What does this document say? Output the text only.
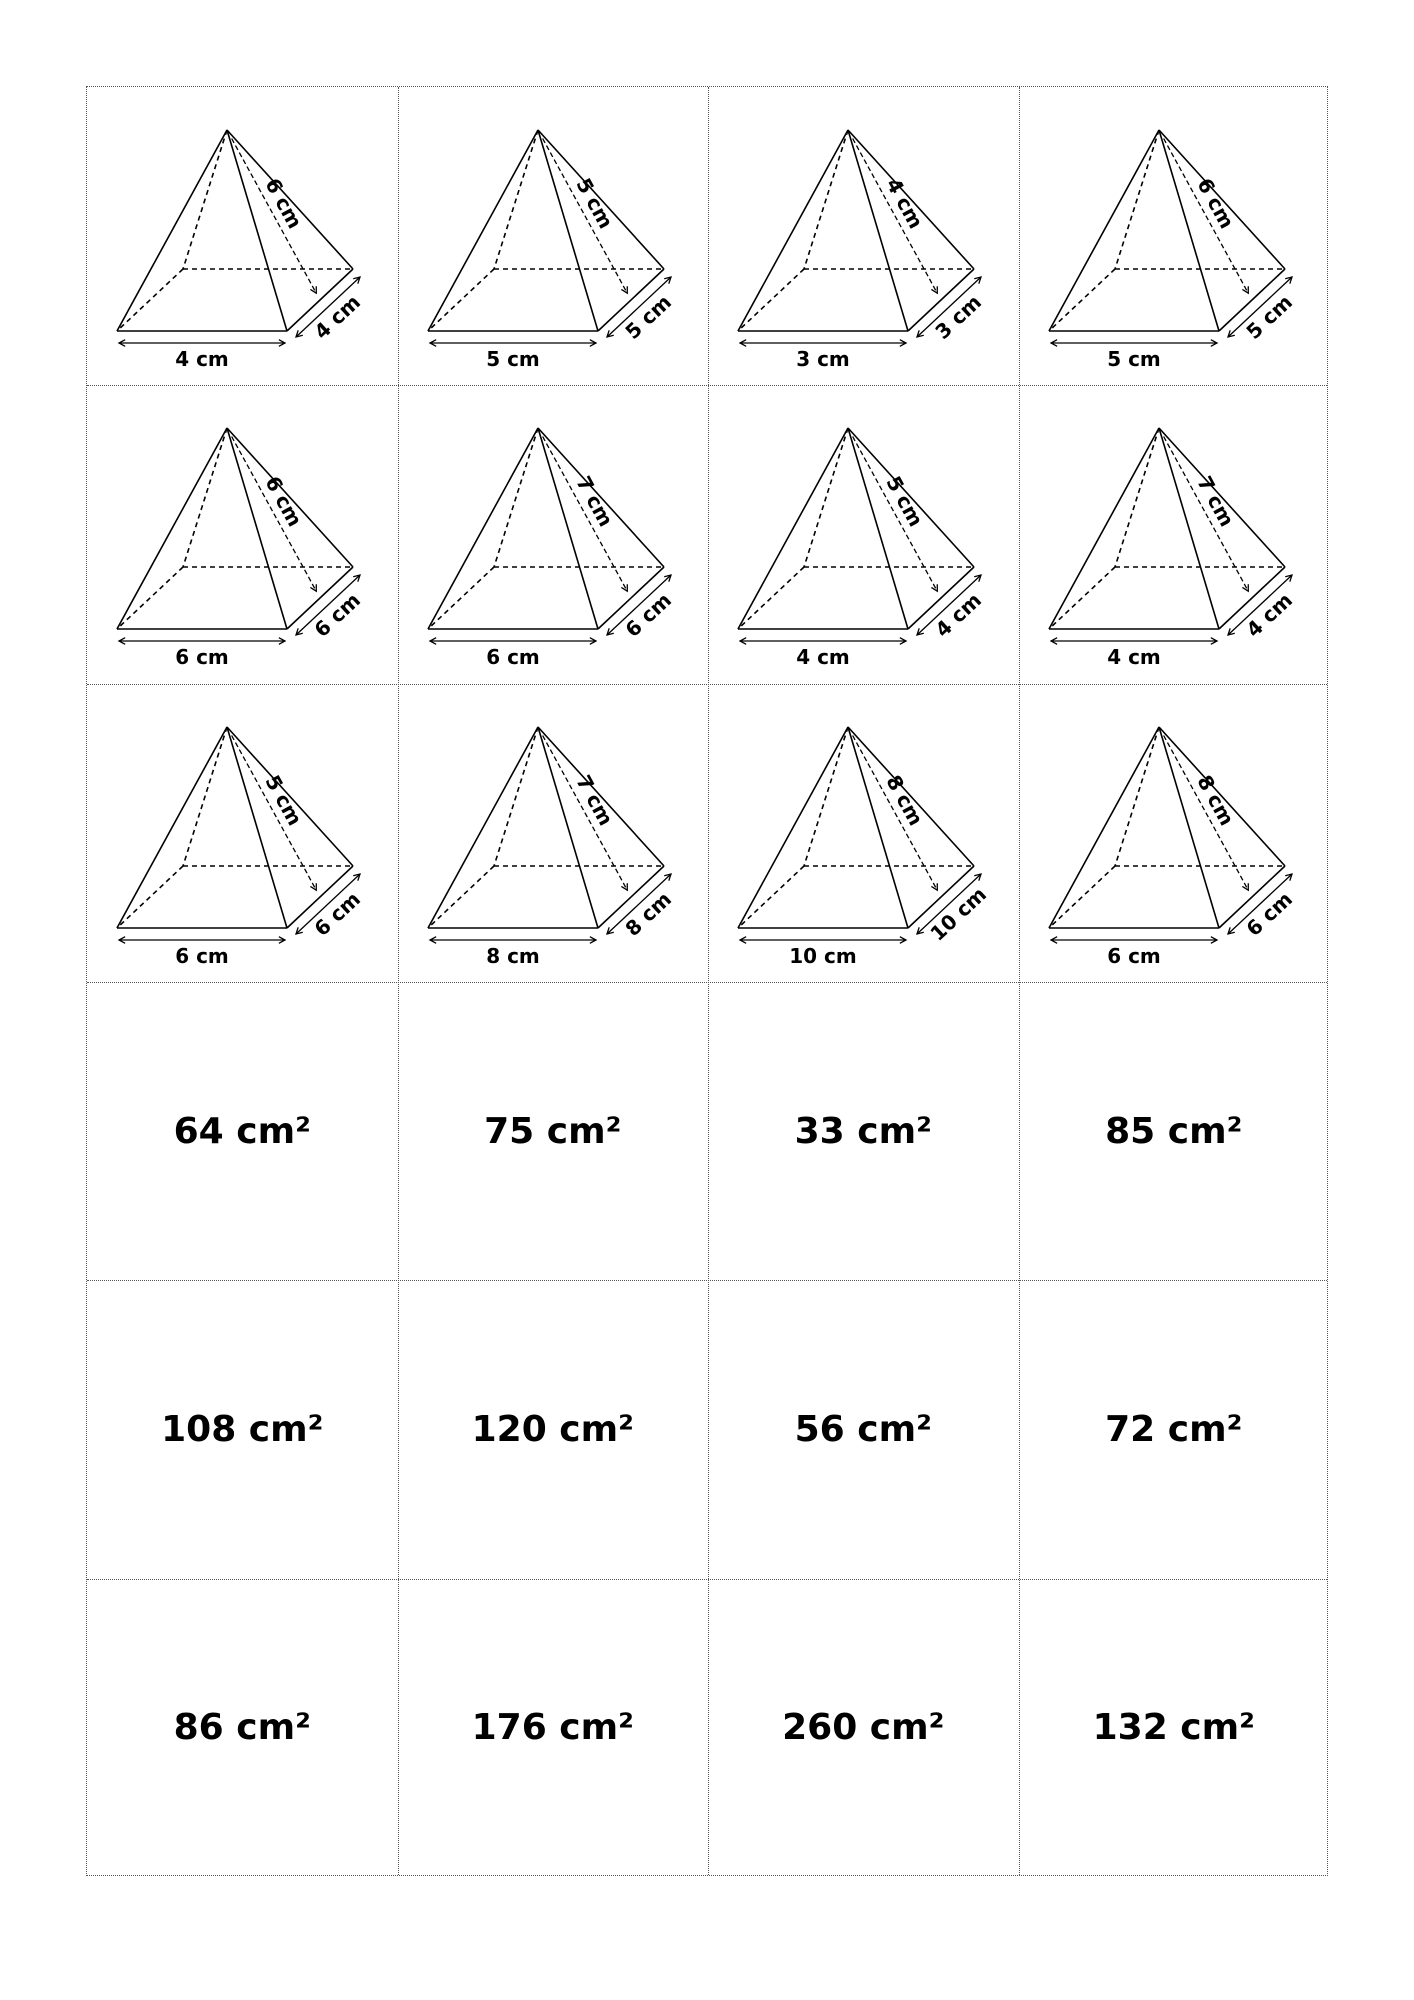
4 cm
4 cm
6 cm
5 cm
5 cm
5 cm
3 cm
3 cm
4 cm
5 cm
5 cm
6 cm
6 cm
6 cm
6 cm
6 cm
6 cm
7 cm
4 cm
4 cm
5 cm
4 cm
4 cm
7 cm
6 cm
6 cm
5 cm
8 cm
8 cm
7 cm
10 cm
10 cm
8 cm
6 cm
6 cm
8 cm
64 cm²	75 cm²	33 cm²	85 cm²
108 cm²	120 cm²	56 cm²	72 cm²
86 cm²	176 cm²	260 cm²	132 cm²
